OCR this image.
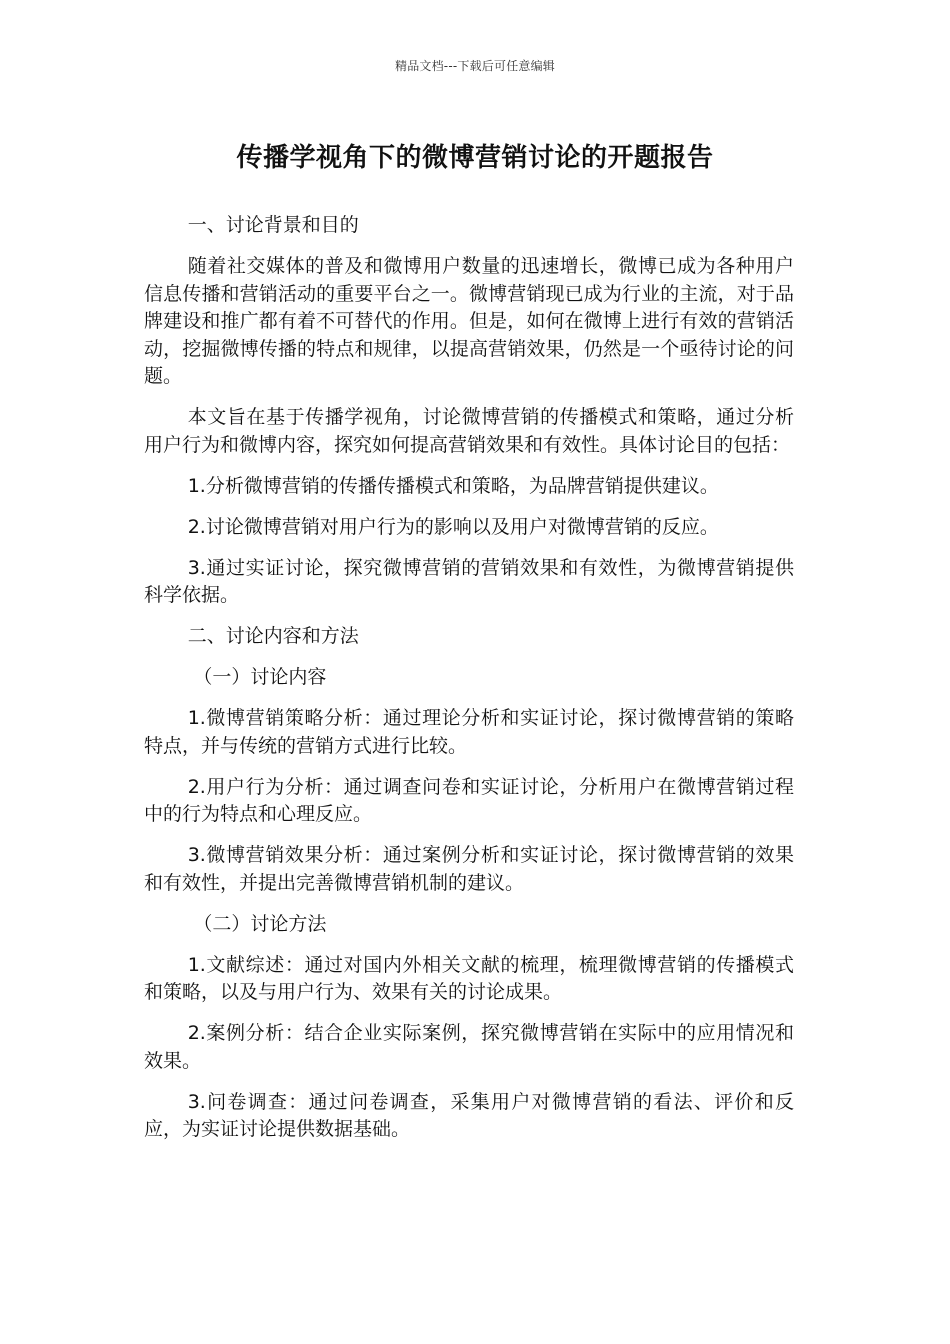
精品文档---下载后可任意编辑
传播学视角下的微博营销讨论的开题报告

一、讨论背景和目的

随着社交媒体的普及和微博用户数量的迅速增长，微博已成为各种用户信息传播和营销活动的重要平台之一。微博营销现已成为行业的主流，对于品牌建设和推广都有着不可替代的作用。但是，如何在微博上进行有效的营销活动，挖掘微博传播的特点和规律，以提高营销效果，仍然是一个亟待讨论的问题。

本文旨在基于传播学视角，讨论微博营销的传播模式和策略，通过分析用户行为和微博内容，探究如何提高营销效果和有效性。具体讨论目的包括：

1.分析微博营销的传播传播模式和策略，为品牌营销提供建议。

2.讨论微博营销对用户行为的影响以及用户对微博营销的反应。

3.通过实证讨论，探究微博营销的营销效果和有效性，为微博营销提供科学依据。

二、讨论内容和方法

（一）讨论内容

1.微博营销策略分析：通过理论分析和实证讨论，探讨微博营销的策略特点，并与传统的营销方式进行比较。

2.用户行为分析：通过调查问卷和实证讨论，分析用户在微博营销过程中的行为特点和心理反应。

3.微博营销效果分析：通过案例分析和实证讨论，探讨微博营销的效果和有效性，并提出完善微博营销机制的建议。

（二）讨论方法

1.文献综述：通过对国内外相关文献的梳理，梳理微博营销的传播模式和策略，以及与用户行为、效果有关的讨论成果。

2.案例分析：结合企业实际案例，探究微博营销在实际中的应用情况和效果。

3.问卷调查：通过问卷调查，采集用户对微博营销的看法、评价和反应，为实证讨论提供数据基础。
